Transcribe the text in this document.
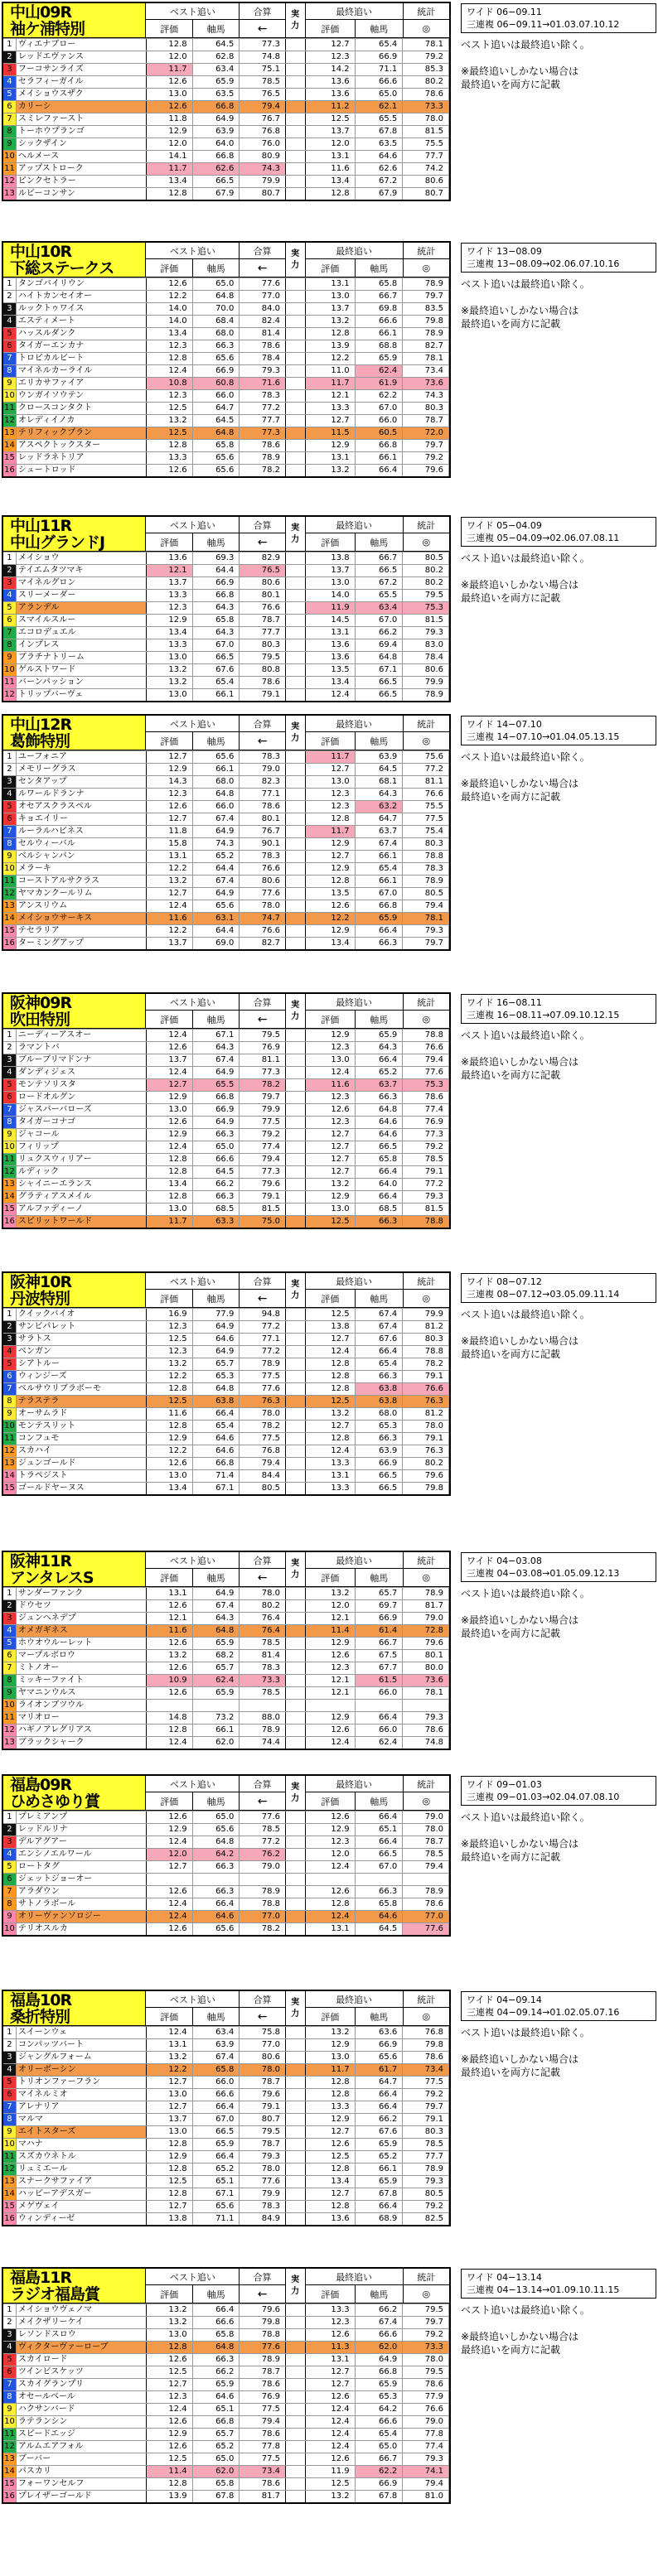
中山09R
袖ケ浦特別
ベスト追い
評価	軸馬
合算
←
実
力
最終追い
評価	軸馬
統計
◎
1 ヴィエナブロー	12.8	64.5	77.3	12.7	65.4	78.1
2 レッドエヴァンス	12.0	62.8	74.8	12.3	66.9	79.2
3 フーコサンライズ	11.7	63.4	75.1	14.2	71.1	85.3
4 セラフィーガイル	12.6	65.9	78.5	13.6	66.6	80.2
5 メイショウスザク	13.0	63.5	76.5	13.6	65.0	78.6
6 カリーシ	12.6	66.8	79.4	11.2	62.1	73.3
7 スミレファースト	11.8	64.9	76.7	12.5	65.5	78.0
8 トーホウプランゴ	12.9	63.9	76.8	13.7	67.8	81.5
9 シックザイン	12.0	64.0	76.0	12.0	63.5	75.5
10 ヘルメース	14.1	66.8	80.9	13.1	64.6	77.7
11 アップストローク	11.7	62.6	74.3	11.6	62.6	74.2
12 ピンクセトラー	13.4	66.5	79.9	13.4	67.2	80.6
13 ルビーコンサン	12.8	67.9	80.7	12.8	67.9	80.7
ワイド 06−09.11
三連複 06−09.11→01.03.07.10.12
ベスト追いは最終追い除く。

※最終追いしかない場合は
最終追いを両方に記載
中山10R
下総ステークス
ベスト追い
評価	軸馬
合算
←
実
力
最終追い
評価	軸馬
統計
◎
1 タンゴバイリウン	12.6	65.0	77.6	13.1	65.8	78.9
2 ハイトカンセイオー	12.2	64.8	77.0	13.0	66.7	79.7
3 ルックトゥワイス	14.0	70.0	84.0	13.7	69.8	83.5
4 エスティメート	14.0	68.4	82.4	13.2	66.6	79.8
5 ハッスルダンク	13.4	68.0	81.4	12.8	66.1	78.9
6 タイガーエンカナ	12.3	66.3	78.6	13.9	68.8	82.7
7 トロピカルビート	12.8	65.6	78.4	12.2	65.9	78.1
8 マイネルカーライル	12.4	66.9	79.3	11.0	62.4	73.4
9 エリカサファイア	10.8	60.8	71.6	11.7	61.9	73.6
10 ウンガイソウテン	12.3	66.0	78.3	12.1	62.2	74.3
11 クロースコンタクト	12.5	64.7	77.2	13.3	67.0	80.3
12 オレディイノカ	13.2	64.5	77.7	12.7	66.0	78.7
13 テリフィックプラン	12.5	64.8	77.3	11.5	60.5	72.0
14 アスペクトックスター	12.8	65.8	78.6	12.9	66.8	79.7
15 レッドラネトリア	13.3	65.6	78.9	13.1	66.1	79.2
16 シュートロッド	12.6	65.6	78.2	13.2	66.4	79.6
ワイド 13−08.09
三連複 13−08.09→02.06.07.10.16
ベスト追いは最終追い除く。

※最終追いしかない場合は
最終追いを両方に記載
中山11R
中山グランドJ
ベスト追い
評価	軸馬
合算
←
実
力
最終追い
評価	軸馬
統計
◎
1 メイショウ	13.6	69.3	82.9	13.8	66.7	80.5
2 テイエムタツマキ	12.1	64.4	76.5	13.7	66.5	80.2
3 マイネルグロン	13.7	66.9	80.6	13.0	67.2	80.2
4 スリーメーダー	13.3	66.8	80.1	14.0	65.5	79.5
5 アランデル	12.3	64.3	76.6	11.9	63.4	75.3
6 スマイルスルー	12.9	65.8	78.7	14.5	67.0	81.5
7 エコロデュエル	13.4	64.3	77.7	13.1	66.2	79.3
8 インプレス	13.3	67.0	80.3	13.6	69.4	83.0
9 ブラチナトリーム	13.0	66.5	79.5	13.6	64.8	78.4
10 ゲルストワード	13.2	67.6	80.8	13.5	67.1	80.6
11 バーンパッション	13.2	65.4	78.6	13.4	66.5	79.9
12 トリップバーヴェ	13.0	66.1	79.1	12.4	66.5	78.9
ワイド 05−04.09
三連複 05−04.09→02.06.07.08.11
ベスト追いは最終追い除く。

※最終追いしかない場合は
最終追いを両方に記載
中山12R
葛飾特別
ベスト追い
評価	軸馬
合算
←
実
力
最終追い
評価	軸馬
統計
◎
1 ユーフォニア	12.7	65.6	78.3	11.7	63.9	75.6
2 メモリーグラス	12.9	66.1	79.0	12.7	64.5	77.2
3 センタアップ	14.3	68.0	82.3	13.0	68.1	81.1
4 ルワールドランナ	12.3	64.8	77.1	12.3	64.3	76.6
5 オセアスクラスペル	12.6	66.0	78.6	12.3	63.2	75.5
6 キョエイリー	12.7	67.4	80.1	12.8	64.7	77.5
7 ルーラルハピネス	11.8	64.9	76.7	11.7	63.7	75.4
8 セルウィーバル	15.8	74.3	90.1	12.9	67.4	80.3
9 ベルシャンパン	13.1	65.2	78.3	12.7	66.1	78.8
10 メラーキ	12.2	64.4	76.6	12.9	65.4	78.3
11 コーストアルサクラス	13.2	67.4	80.6	12.8	66.1	78.9
12 ヤマカンクールリム	12.7	64.9	77.6	13.5	67.0	80.5
13 アンスリウム	12.4	65.6	78.0	12.6	66.8	79.4
14 メイショウサーキス	11.6	63.1	74.7	12.2	65.9	78.1
15 テセラリア	12.2	64.4	76.6	12.9	66.4	79.3
16 ターミングアップ	13.7	69.0	82.7	13.4	66.3	79.7
ワイド 14−07.10
三連複 14−07.10→01.04.05.13.15
ベスト追いは最終追い除く。

※最終追いしかない場合は
最終追いを両方に記載
阪神09R
吹田特別
ベスト追い
評価	軸馬
合算
←
実
力
最終追い
評価	軸馬
統計
◎
1 ニーディーアスオー	12.4	67.1	79.5	12.9	65.9	78.8
2 ラマントバ	12.6	64.3	76.9	12.3	64.3	76.6
3 ブルーブリマドンナ	13.7	67.4	81.1	13.0	66.4	79.4
4 ダンディジェス	12.4	64.9	77.3	12.4	65.2	77.6
5 モンテソリスタ	12.7	65.5	78.2	11.6	63.7	75.3
6 ロードオルグン	12.9	66.8	79.7	12.3	66.3	78.6
7 ジャスパーバローズ	13.0	66.9	79.9	12.6	64.8	77.4
8 タイガーコナゴ	12.6	64.9	77.5	12.3	64.6	76.9
9 ジャコール	12.9	66.3	79.2	12.7	64.6	77.3
10 フィリップ	12.4	65.0	77.4	12.7	66.5	79.2
11 リュクスウィリアー	12.8	66.6	79.4	12.7	65.8	78.5
12 ルディック	12.8	64.5	77.3	12.7	66.4	79.1
13 シャイニーエランス	13.4	66.2	79.6	13.2	64.0	77.2
14 グラティアスメイル	12.8	66.3	79.1	12.9	66.4	79.3
15 アルファディーノ	13.0	68.5	81.5	13.0	68.5	81.5
16 スピリットワールド	11.7	63.3	75.0	12.5	66.3	78.8
ワイド 16−08.11
三連複 16−08.11→07.09.10.12.15
ベスト追いは最終追い除く。

※最終追いしかない場合は
最終追いを両方に記載
阪神10R
丹波特別
ベスト追い
評価	軸馬
合算
←
実
力
最終追い
評価	軸馬
統計
◎
1 クイックバイオ	16.9	77.9	94.8	12.5	67.4	79.9
2 サンビパレット	12.3	64.9	77.2	13.8	67.4	81.2
3 サラトス	12.5	64.6	77.1	12.7	67.6	80.3
4 ベンガン	12.3	64.9	77.2	12.4	66.4	78.8
5 シアトルー	13.2	65.7	78.9	12.8	65.4	78.2
6 ウィンジーズ	12.2	65.3	77.5	12.8	66.3	79.1
7 ベルサウリブラボーモ	12.8	64.8	77.6	12.8	63.8	76.6
8 テラステラ	12.5	63.8	76.3	12.5	63.8	76.3
9 オーサムラド	11.6	66.4	78.0	13.2	68.0	81.2
10 モンテスリット	12.8	65.4	78.2	12.7	65.3	78.0
11 コンフュモ	12.9	64.6	77.5	12.8	66.3	79.1
12 スカハイ	12.2	64.6	76.8	12.4	63.9	76.3
13 ジュンゴールド	12.6	66.8	79.4	13.3	66.9	80.2
14 トラペジスト	13.0	71.4	84.4	13.1	66.5	79.6
15 ゴールドヤーヌス	13.4	67.1	80.5	13.3	66.5	79.8
ワイド 08−07.12
三連複 08−07.12→03.05.09.11.14
ベスト追いは最終追い除く。

※最終追いしかない場合は
最終追いを両方に記載
阪神11R
アンタレスS
ベスト追い
評価	軸馬
合算
←
実
力
最終追い
評価	軸馬
統計
◎
1 サンダーファンク	13.1	64.9	78.0	13.2	65.7	78.9
2 ドウセツ	12.6	67.4	80.2	12.0	69.7	81.7
3 ジュンヘネデプ	12.1	64.3	76.4	12.1	66.9	79.0
4 オメガギネス	11.6	64.8	76.4	11.4	61.4	72.8
5 ホウオウルーレット	12.6	65.9	78.5	12.9	66.7	79.6
6 マープルボロウ	13.2	68.2	81.4	12.6	67.5	80.1
7 ミトノオー	12.6	65.7	78.3	12.3	67.7	80.0
8 ミッキーファイト	10.9	62.4	73.3	12.1	61.5	73.6
9 ヤマニンウルス	12.6	65.9	78.5	12.1	66.0	78.1
10 ライオンブツウル
11 マリオロー	14.8	73.2	88.0	12.9	66.4	79.3
12 ハギノアレグリアス	12.8	66.1	78.9	12.6	66.0	78.6
13 ブラックシャーク	12.4	62.0	74.4	12.4	62.4	74.8
ワイド 04−03.08
三連複 04−03.08→01.05.09.12.13
ベスト追いは最終追い除く。

※最終追いしかない場合は
最終追いを両方に記載
福島09R
ひめさゆり賞
ベスト追い
評価	軸馬
合算
←
実
力
最終追い
評価	軸馬
統計
◎
1 プレミアンプ	12.6	65.0	77.6	12.6	66.4	79.0
2 レッドルリナ	12.9	65.6	78.5	12.9	65.1	78.0
3 デルアグアー	12.4	64.8	77.2	12.3	66.4	78.7
4 エンシノエルワール	12.0	64.2	76.2	12.0	66.5	78.5
5 ロートタグ	12.7	66.3	79.0	12.4	67.0	79.4
6 ジェットジョーオー
7 アラダウン	12.6	66.3	78.9	12.6	66.3	78.9
8 サトノラボール	12.4	66.4	78.8	12.8	65.8	78.6
9 オリーヴァンソロジー	12.4	64.6	77.0	12.4	64.6	77.0
10 テリオスルカ	12.6	65.6	78.2	13.1	64.5	77.6
ワイド 09−01.03
三連複 09−01.03→02.04.07.08.10
ベスト追いは最終追い除く。

※最終追いしかない場合は
最終追いを両方に記載
福島10R
桑折特別
ベスト追い
評価	軸馬
合算
←
実
力
最終追い
評価	軸馬
統計
◎
1 スイーンウェ	12.4	63.4	75.8	13.2	63.6	76.8
2 コンパッツバート	13.1	63.9	77.0	12.9	66.9	79.8
3 ジャングルフォーム	13.2	67.4	80.6	13.0	65.6	78.6
4 オリーボーシン	12.2	65.8	78.0	11.7	61.7	73.4
5 トリオンファーフラン	12.7	66.0	78.7	12.8	64.7	77.5
6 マイネルミオ	13.0	66.6	79.6	12.8	66.4	79.2
7 アレナリア	12.7	66.4	79.1	13.3	66.4	79.7
8 マルマ	13.7	67.0	80.7	12.9	66.2	79.1
9 エイトスターズ	13.0	66.5	79.5	12.7	67.6	80.3
10 マハナ	12.8	65.9	78.7	12.6	65.9	78.5
11 スズカウネトル	12.9	66.4	79.3	12.5	65.2	77.7
12 リュミエール	12.8	65.2	78.0	12.8	66.1	78.9
13 スナークサファイア	12.5	65.1	77.6	13.4	65.9	79.3
14 ハッピーアデスガー	12.8	67.1	79.9	12.7	67.8	80.5
15 メゲヴェイ	12.7	65.6	78.3	12.8	66.4	79.2
16 ウィンディーゼ	13.8	71.1	84.9	13.6	68.9	82.5
ワイド 04−09.14
三連複 04−09.14→01.02.05.07.16
ベスト追いは最終追い除く。

※最終追いしかない場合は
最終追いを両方に記載
福島11R
ラジオ福島賞
ベスト追い
評価	軸馬
合算
←
実
力
最終追い
評価	軸馬
統計
◎
1 メイショウヴェノマ	13.2	66.4	79.6	13.3	66.2	79.5
2 メイクザリーケイ	13.2	66.6	79.8	12.3	67.4	79.7
3 レソンドスロウ	13.0	65.8	78.8	12.6	66.6	79.2
4 ヴィクターヴァーローブ	12.8	64.8	77.6	11.3	62.0	73.3
5 スカイロード	12.6	66.3	78.9	13.1	64.9	78.0
6 ツインビスケッツ	12.5	66.2	78.7	12.7	66.8	79.5
7 スカイグランプリ	12.7	65.9	78.6	12.7	65.9	78.6
8 オセールベール	12.3	64.6	76.9	12.6	65.3	77.9
9 ハクサンバード	12.4	65.1	77.5	12.4	64.2	76.6
10 ラテランシン	12.6	66.8	79.4	12.4	66.6	79.0
11 スピードエッジ	12.9	65.7	78.6	12.4	65.4	77.8
12 アルムエアフォル	12.6	65.2	77.8	12.4	65.0	77.4
13 ブーバー	12.5	65.0	77.5	12.6	66.7	79.3
14 パスカリ	11.4	62.0	73.4	11.9	62.2	74.1
15 フォーワンセルフ	12.8	65.8	78.6	12.5	66.9	79.4
16 プレイザーゴールド	13.9	67.8	81.7	13.2	67.8	81.0
ワイド 04−13.14
三連複 04−13.14→01.09.10.11.15
ベスト追いは最終追い除く。

※最終追いしかない場合は
最終追いを両方に記載
